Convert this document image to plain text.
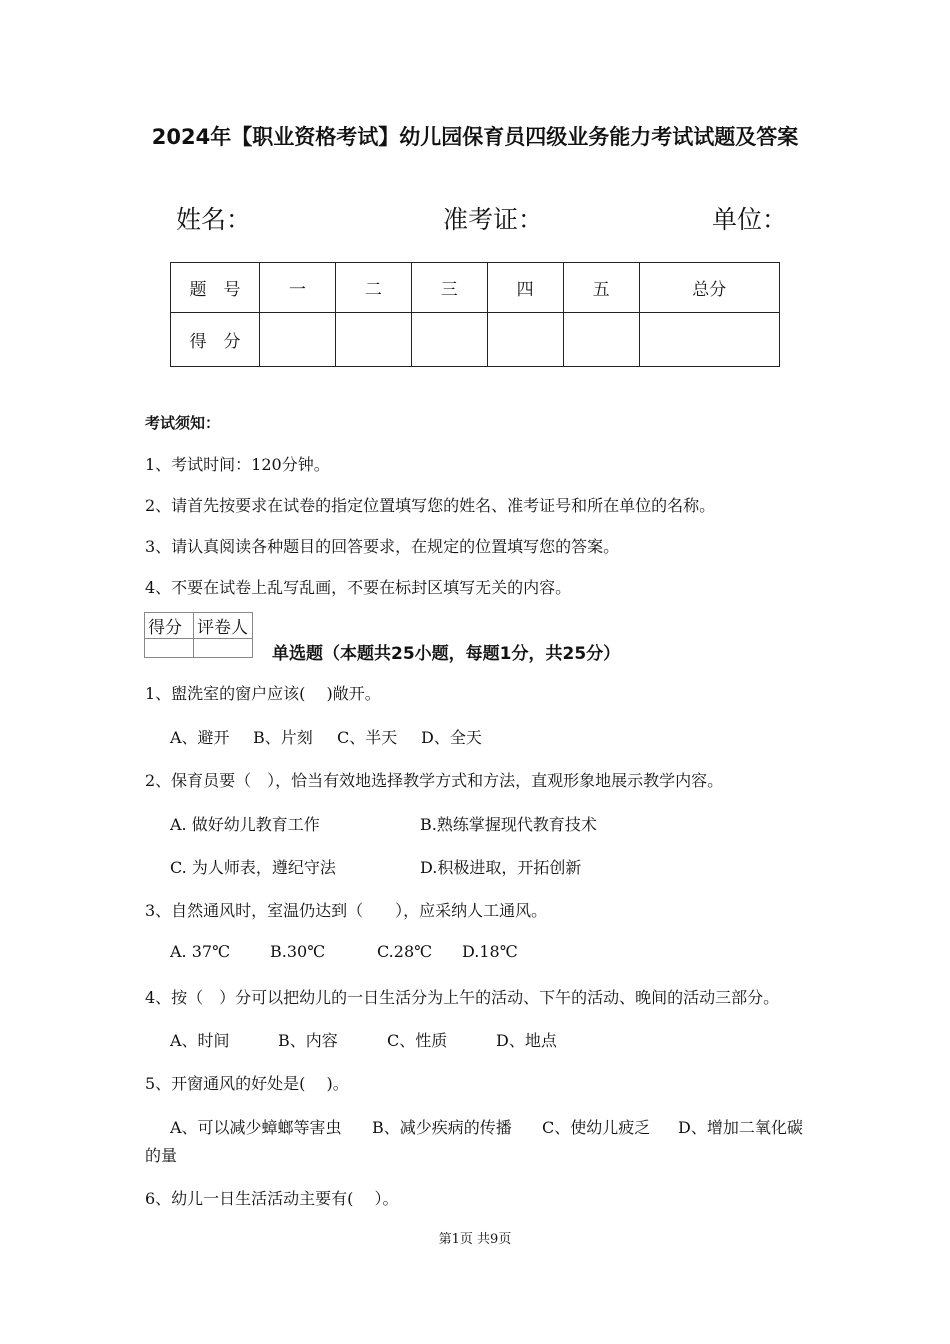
2024年【职业资格考试】幼儿园保育员四级业务能力考试试题及答案
姓名：	准考证：	单位：
题　号	一	二	三	四	五	总分
得　分						
考试须知：
1、考试时间：120分钟。
2、请首先按要求在试卷的指定位置填写您的姓名、准考证号和所在单位的名称。
3、请认真阅读各种题目的回答要求，在规定的位置填写您的答案。
4、不要在试卷上乱写乱画，不要在标封区填写无关的内容。
得分	评卷人

单选题（本题共25小题，每题1分，共25分）
1、盥洗室的窗户应该(　 )敞开。
A、避开 B、片刻 C、半天 D、全天
2、保育员要（　），恰当有效地选择教学方式和方法，直观形象地展示教学内容。
A. 做好幼儿教育工作	B.熟练掌握现代教育技术
C. 为人师表，遵纪守法	D.积极进取，开拓创新
3、自然通风时，室温仍达到（　　），应采纳人工通风。
A. 37℃	B.30℃	C.28℃ D.18℃
4、按（　）分可以把幼儿的一日生活分为上午的活动、下午的活动、晚间的活动三部分。
A、时间	B、内容	C、性质	D、地点
5、开窗通风的好处是(　 )。
A、可以减少蟑螂等害虫 B、减少疾病的传播 C、使幼儿疲乏 D、增加二氧化碳
的量
6、幼儿一日生活活动主要有(　 ）。
第1页 共9页
